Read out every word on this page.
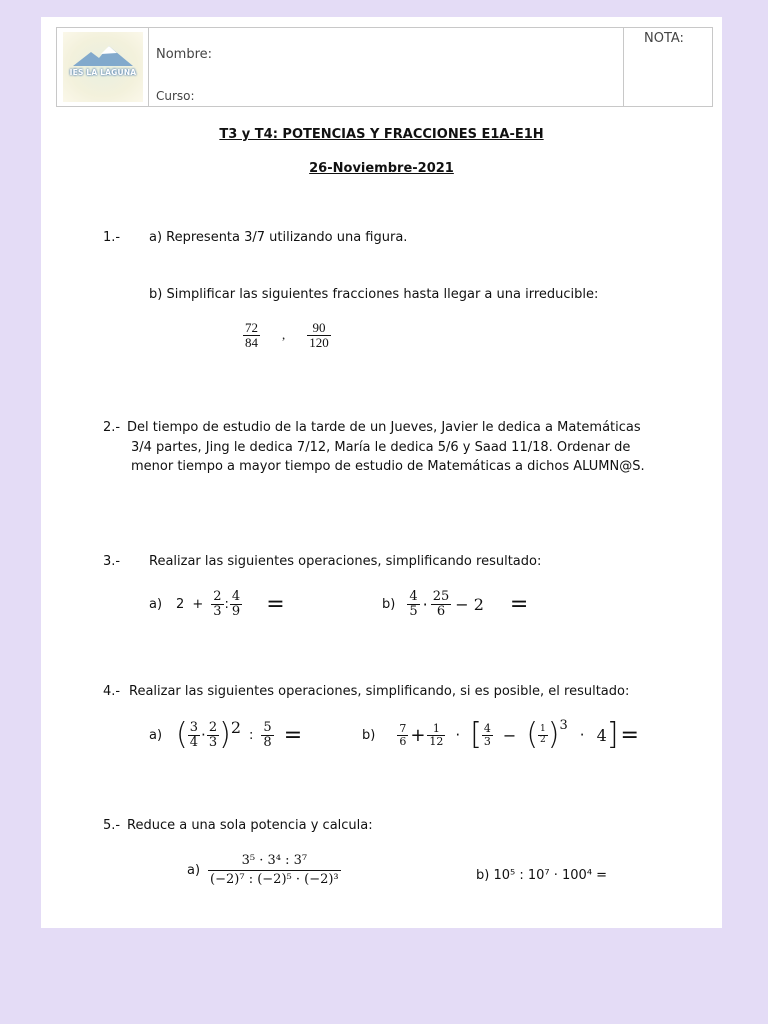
IES LA LAGUNA
Nombre:
Curso:
NOTA:
T3 y T4: POTENCIAS Y FRACCIONES E1A-E1H
26-Noviembre-2021
1.- a) Representa 3/7 utilizando una figura.
b) Simplificar las siguientes fracciones hasta llegar a una irreducible:
$\frac{72}{84}$ , $\frac{90}{120}$
2.- Del tiempo de estudio de la tarde de un Jueves, Javier le dedica a Matemáticas
3/4 partes, Jing le dedica 7/12, María le dedica 5/6 y Saad 11/18. Ordenar de
menor tiempo a mayor tiempo de estudio de Matemáticas a dichos ALUMN@S.
3.- Realizar las siguientes operaciones, simplificando resultado:
a) $2 + \frac{2}{3}$ : $\frac{4}{9}$ =	$b) \frac{4}{5} \cdot \frac{25}{6} - 2$ =
4.- Realizar las siguientes operaciones, simplificando, si es posible, el resultado:
a) ( $\frac{3}{4} \cdot \frac{2}{3}$ ) 2 : $\frac{5}{8}$ =	$b) \frac{7}{6} + \frac{1}{12}$ · [ $\frac{4}{3}$ − ( $\frac{1}{2}$ ) 3
· 4 ] =
5.- Reduce a una sola potencia y calcula:
$a) \frac{\text{3⁵ · 3⁴ : 3⁷}}{\text{(−2)⁷ : (−2)⁵ · (−2)³}}$	b) 10⁵ : 10⁷ · 100⁴ =
